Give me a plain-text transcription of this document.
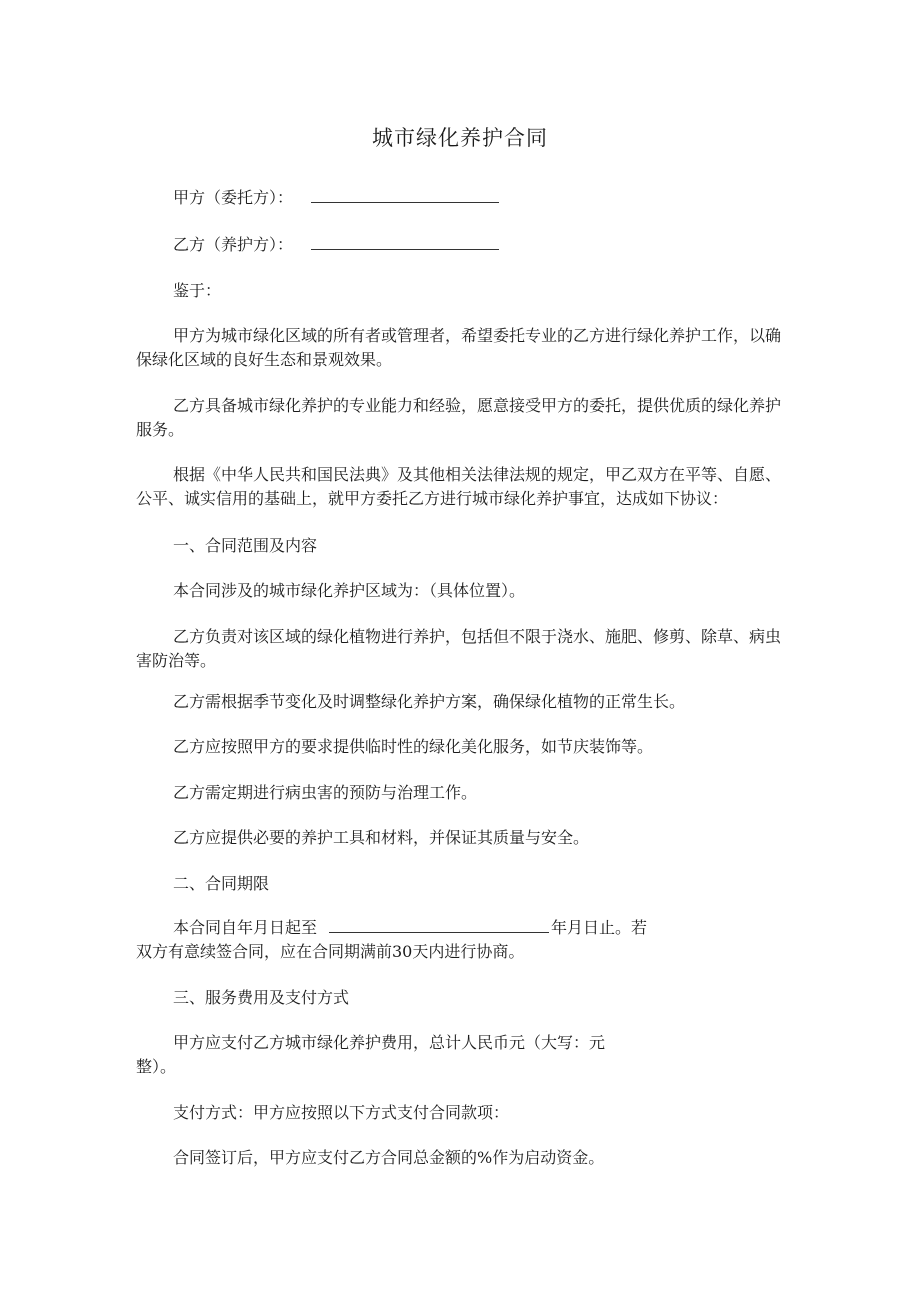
城市绿化养护合同

甲方（委托方）：

乙方（养护方）：

鉴于：

甲方为城市绿化区域的所有者或管理者，希望委托专业的乙方进行绿化养护工作，以确保绿化区域的良好生态和景观效果。

乙方具备城市绿化养护的专业能力和经验，愿意接受甲方的委托，提供优质的绿化养护服务。

根据《中华人民共和国民法典》及其他相关法律法规的规定，甲乙双方在平等、自愿、公平、诚实信用的基础上，就甲方委托乙方进行城市绿化养护事宜，达成如下协议：

一、合同范围及内容

本合同涉及的城市绿化养护区域为：（具体位置）。

乙方负责对该区域的绿化植物进行养护，包括但不限于浇水、施肥、修剪、除草、病虫害防治等。

乙方需根据季节变化及时调整绿化养护方案，确保绿化植物的正常生长。

乙方应按照甲方的要求提供临时性的绿化美化服务，如节庆装饰等。

乙方需定期进行病虫害的预防与治理工作。

乙方应提供必要的养护工具和材料，并保证其质量与安全。

二、合同期限

本合同自年月日起至	年月日止。若

双方有意续签合同，应在合同期满前30天内进行协商。

三、服务费用及支付方式

甲方应支付乙方城市绿化养护费用，总计人民币元（大写：元

整）。

支付方式：甲方应按照以下方式支付合同款项：

合同签订后，甲方应支付乙方合同总金额的%作为启动资金。
